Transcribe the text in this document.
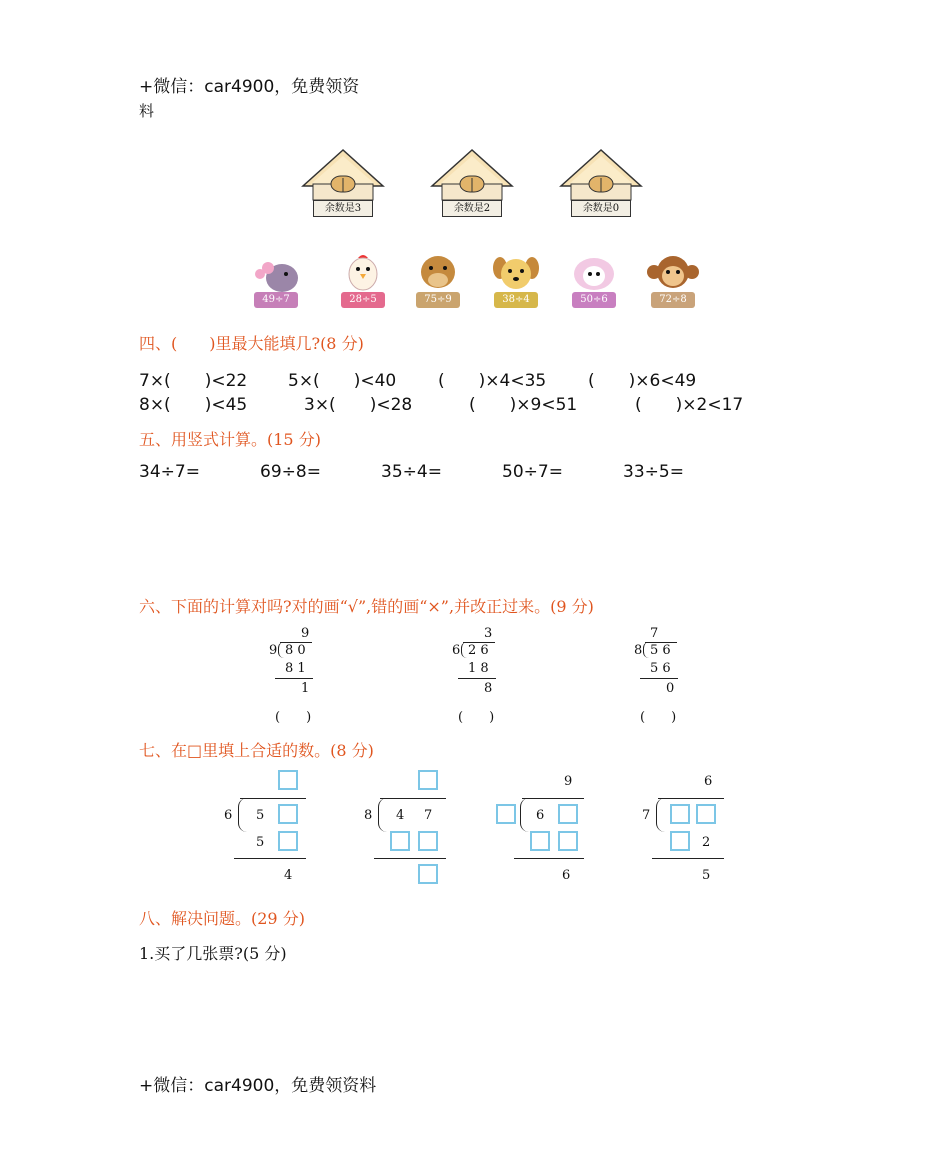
+微信：car4900，免费领资
料
余数是3	余数是2	余数是0
49÷7	28÷5	75÷9	38÷4	50÷6	72÷8
四、(　　)里最大能填几?(8 分)
7×(　　)<22 5×(　　)<40 (　　)×4<35 (　　)×6<49
8×(　　)<45	3×(　　)<28	(　　)×9<51	(　　)×2<17
五、用竖式计算。(15 分)
34÷7=	69÷8=	35÷4=	50÷7=	33÷5=
六、下面的计算对吗?对的画“√”,错的画“×”,并改正过来。(9 分)
9
9 8 0
8 1
1
(　　)
3
6 2 6
1 8
8
(　　)
7
8 5 6
5 6
0
(　　)
七、在□里填上合适的数。(8 分)
6 5
5
4
8 4 7
9
6
6
6
7
2
5
八、解决问题。(29 分)
1.买了几张票?(5 分)
+微信：car4900，免费领资料
